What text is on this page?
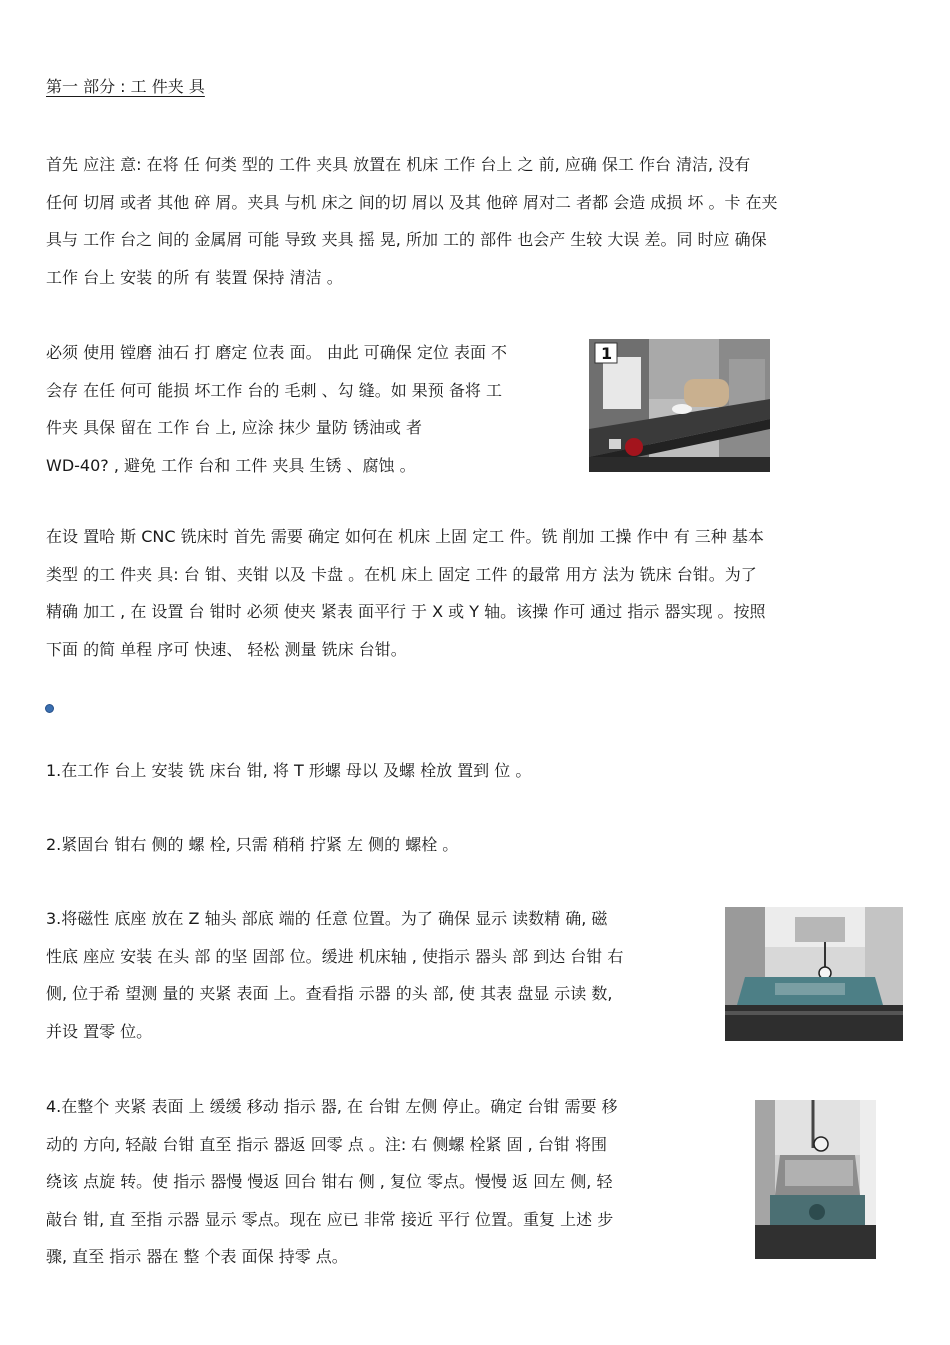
第一 部分 : 工 件夹 具
首先 应注 意: 在将 任 何类 型的 工件 夹具 放置在 机床 工作 台上 之 前, 应确 保工 作台 清洁, 没有
任何 切屑 或者 其他 碎 屑。夹具 与机 床之 间的切 屑以 及其 他碎 屑对二 者都 会造 成损 坏 。卡 在夹
具与 工作 台之 间的 金属屑 可能 导致 夹具 摇 晃, 所加 工的 部件 也会产 生较 大误 差。同 时应 确保
工作 台上 安装 的所 有 装置 保持 清洁 。
必须 使用 镗磨 油石 打 磨定 位表 面。 由此 可确保 定位 表面 不
会存 在任 何可 能损 坏工作 台的 毛刺 、勾 缝。如 果预 备将 工
件夹 具保 留在 工作 台 上, 应涂 抹少 量防 锈油或 者
WD-40? , 避免 工作 台和 工件 夹具 生锈 、腐蚀 。
1
在设 置哈 斯 CNC 铣床时 首先 需要 确定 如何在 机床 上固 定工 件。铣 削加 工操 作中 有 三种 基本
类型 的工 件夹 具: 台 钳、夹钳 以及 卡盘 。在机 床上 固定 工件 的最常 用方 法为 铣床 台钳。为了
精确 加工 , 在 设置 台 钳时 必须 使夹 紧表 面平行 于 X 或 Y 轴。该操 作可 通过 指示 器实现 。按照
下面 的简 单程 序可 快速、 轻松 测量 铣床 台钳。
1.在工作 台上 安装 铣 床台 钳, 将 T 形螺 母以 及螺 栓放 置到 位 。
2.紧固台 钳右 侧的 螺 栓, 只需 稍稍 拧紧 左 侧的 螺栓 。
3.将磁性 底座 放在 Z 轴头 部底 端的 任意 位置。为了 确保 显示 读数精 确, 磁
性底 座应 安装 在头 部 的坚 固部 位。缓进 机床轴 , 使指示 器头 部 到达 台钳 右
侧, 位于希 望测 量的 夹紧 表面 上。查看指 示器 的头 部, 使 其表 盘显 示读 数,
并设 置零 位。
4.在整个 夹紧 表面 上 缓缓 移动 指示 器, 在 台钳 左侧 停止。确定 台钳 需要 移
动的 方向, 轻敲 台钳 直至 指示 器返 回零 点 。注: 右 侧螺 栓紧 固 , 台钳 将围
绕该 点旋 转。使 指示 器慢 慢返 回台 钳右 侧 , 复位 零点。慢慢 返 回左 侧, 轻
敲台 钳, 直 至指 示器 显示 零点。现在 应已 非常 接近 平行 位置。重复 上述 步
骤, 直至 指示 器在 整 个表 面保 持零 点。
